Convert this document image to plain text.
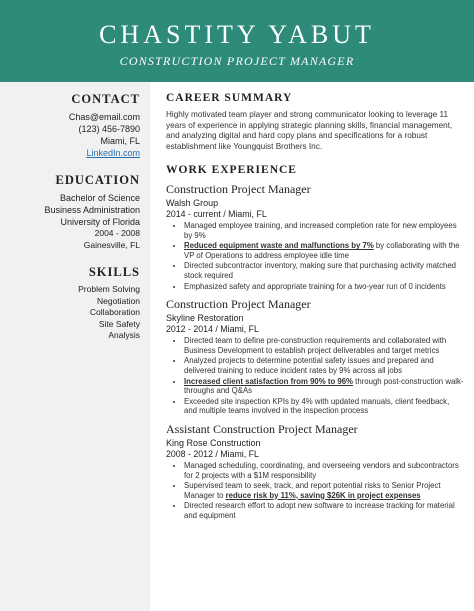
CHASTITY YABUT
CONSTRUCTION PROJECT MANAGER
CONTACT
Chas@email.com
(123) 456-7890
Miami, FL
LinkedIn.com
EDUCATION
Bachelor of Science
Business Administration
University of Florida
2004 - 2008
Gainesville, FL
SKILLS
Problem Solving
Negotiation
Collaboration
Site Safety
Analysis
CAREER SUMMARY
Highly motivated team player and strong communicator looking to leverage 11 years of experience in applying strategic planning skills, financial management, and analyzing digital and hard copy plans and specifications for a robust establishment like Youngquist Brothers Inc.
WORK EXPERIENCE
Construction Project Manager
Walsh Group
2014 - current / Miami, FL
• Managed employee training, and increased completion rate for new employees by 9%
• Reduced equipment waste and malfunctions by 7% by collaborating with the VP of Operations to address employee idle time
• Directed subcontractor inventory, making sure that purchasing activity matched stock required
• Emphasized safety and appropriate training for a two-year run of 0 incidents
Construction Project Manager
Skyline Restoration
2012 - 2014 / Miami, FL
• Directed team to define pre-construction requirements and collaborated with Business Development to establish project deliverables and target metrics
• Analyzed projects to determine potential safety issues and prepared and delivered training to reduce incident rates by 9% across all jobs
• Increased client satisfaction from 90% to 96% through post-construction walk-throughs and Q&As
• Exceeded site inspection KPIs by 4% with updated manuals, client feedback, and multiple teams involved in the inspection process
Assistant Construction Project Manager
King Rose Construction
2008 - 2012 / Miami, FL
• Managed scheduling, coordinating, and overseeing vendors and subcontractors for 2 projects with a $1M responsibility
• Supervised team to seek, track, and report potential risks to Senior Project Manager to reduce risk by 11%, saving $26K in project expenses
• Directed research effort to adopt new software to increase tracking for material and equipment
